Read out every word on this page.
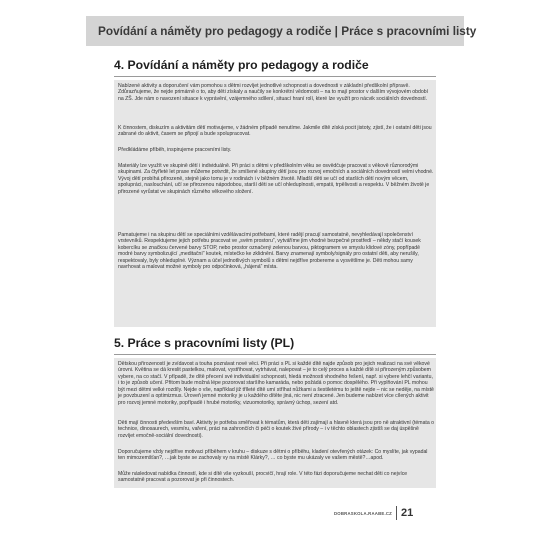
Povídání a náměty pro pedagogy a rodiče | Práce s pracovními listy
4. Povídání a náměty pro pedagogy a rodiče

Nabízené aktivity a doporučení vám pomohou s dětmi rozvíjet jednotlivé schopnosti a dovednosti v základní předškolní přípravě. Zdůrazňujeme, že nejde primárně o to, aby děti získaly a naučily se konkrétní vědomosti – na to mají prostor v dalším vývojovém období na ZŠ. Jde nám o navození situace k vyprávění, vzájemného sdílení, situací hraní rolí, které lze využít pro nácvik sociálních dovedností.

K činnostem, diskuzím a aktivitám dětí motivujeme, v žádném případě nenutíme. Jakmile dítě získá pocit jistoty, zjistí, že i ostatní děti jsou zabrané do aktivit, časem se připojí a bude spolupracovat.

Předkládáme příběh, inspirujeme pracovními listy.

Materiály lze využít ve skupině dětí i individuálně. Při práci s dětmi v předškolním věku se osvědčuje pracovat s věkově různorodými skupinami. Za čtyřleté let praxe můžeme potvrdit, že smíšené skupiny dětí jsou pro rozvoj emočních a sociálních dovedností velmi vhodné. Vývoj dětí probíhá přirozeně, stejně jako tomu je v rodinách i v běžném životě. Mladší děti se učí od starších dětí novým věcem, spolupráci, naslouchání, učí se přirozenou nápodobou, starší děti se učí ohleduplnosti, empatii, trpělivosti a respektu. V běžném životě je přirozené vyrůstat ve skupinách různého věkového složení.

Pamatujeme i na skupinu dětí se speciálními vzdělávacími potřebami, které radějí pracují samostatně, nevyhledávají společenství vrstevníků. Respektujeme jejich potřebu pracovat ve „svém prostoru“, vytváříme jim vhodné bezpečné prostředí – někdy stačí kousek kobercíku se značkou červené barvy STOP, nebo prostor označený zelenou barvou, piktogramem ve smyslu klidové zóny, popřípadě modré barvy symbolizující „meditační“ koutek, místečko ke zklidnění. Barvy znamenají symboly/signály pro ostatní děti, aby nerušily, respektovaly, byly ohleduplné. Význam a účel jednotlivých symbolů s dětmi nejdříve probereme a vysvětlíme je. Děti mohou samy navrhovat a malovat možné symboly pro odpočinková, „hájená“ místa.

5. Práce s pracovními listy (PL)

Dětskou přirozeností je zvídavost a touha poznávat nové věci. Při práci s PL si každé dítě najde způsob pro jejich realizaci na své věkové úrovni. Květina se dá kreslit pastelkou, malovat, vystřihovat, vytrhávat, nalepovat – je to celý proces a každé dítě si přirozeným způsobem vybere, na co stačí. V případě, že dítě přecení své individuální schopnosti, hledá možnosti vhodného řešení, např. si vybere lehčí variantu, i to je způsob učení. Přitom bude možná lépe pozorovat staršího kamaráda, nebo požádá o pomoc dospělého. Při vyplňování PL mohou být mezi dětmi velké rozdíly. Nejde o vše, například již tříleté dítě umí stříhat nůžkami a šestiletému to ještě nejde – nic se neděje, na místě je povzbuzení a optimizmus. Úroveň jemné motoriky je u každého dítěte jiná, nic není ztracené. Jen budeme nabízet více cílených aktivit pro rozvoj jemné motoriky, popřípadě i hrubé motoriky, vizuomotoriky, správný úchop, sezení atd.

Děti mají činnosti především baví. Aktivity je potřeba směřovat k tématům, která děti zajímají a hlavně která jsou pro ně atraktivní (témata o technice, dinosaurech, vesmíru, vaření, práci na zahrončích či péči o koutek živé přírody – i v těchto oblastech zjistíš se daj úspěšně rozvíjet emočně-sociální dovednosti).

Doporučujeme vždy nejdříve motivaci příběhem v kruhu – diskuze s dětmi o příběhu, kladení otevřených otázek: Co myslíte, jak vypadal ten mimozemšťan?, …jak byste se zachovaly vy na místě Klárky?, … co byste mu ukázaly ve vašem městě?…apod.

Může následovat nabídka činností, kde si dítě vše vyzkouší, procvičí, hrají role. V této fázi doporučujeme nechat děti co nejvíce samostatně pracovat a pozorovat je při činnostech.

DOBRASKOLA.RAABE.CZ 21
